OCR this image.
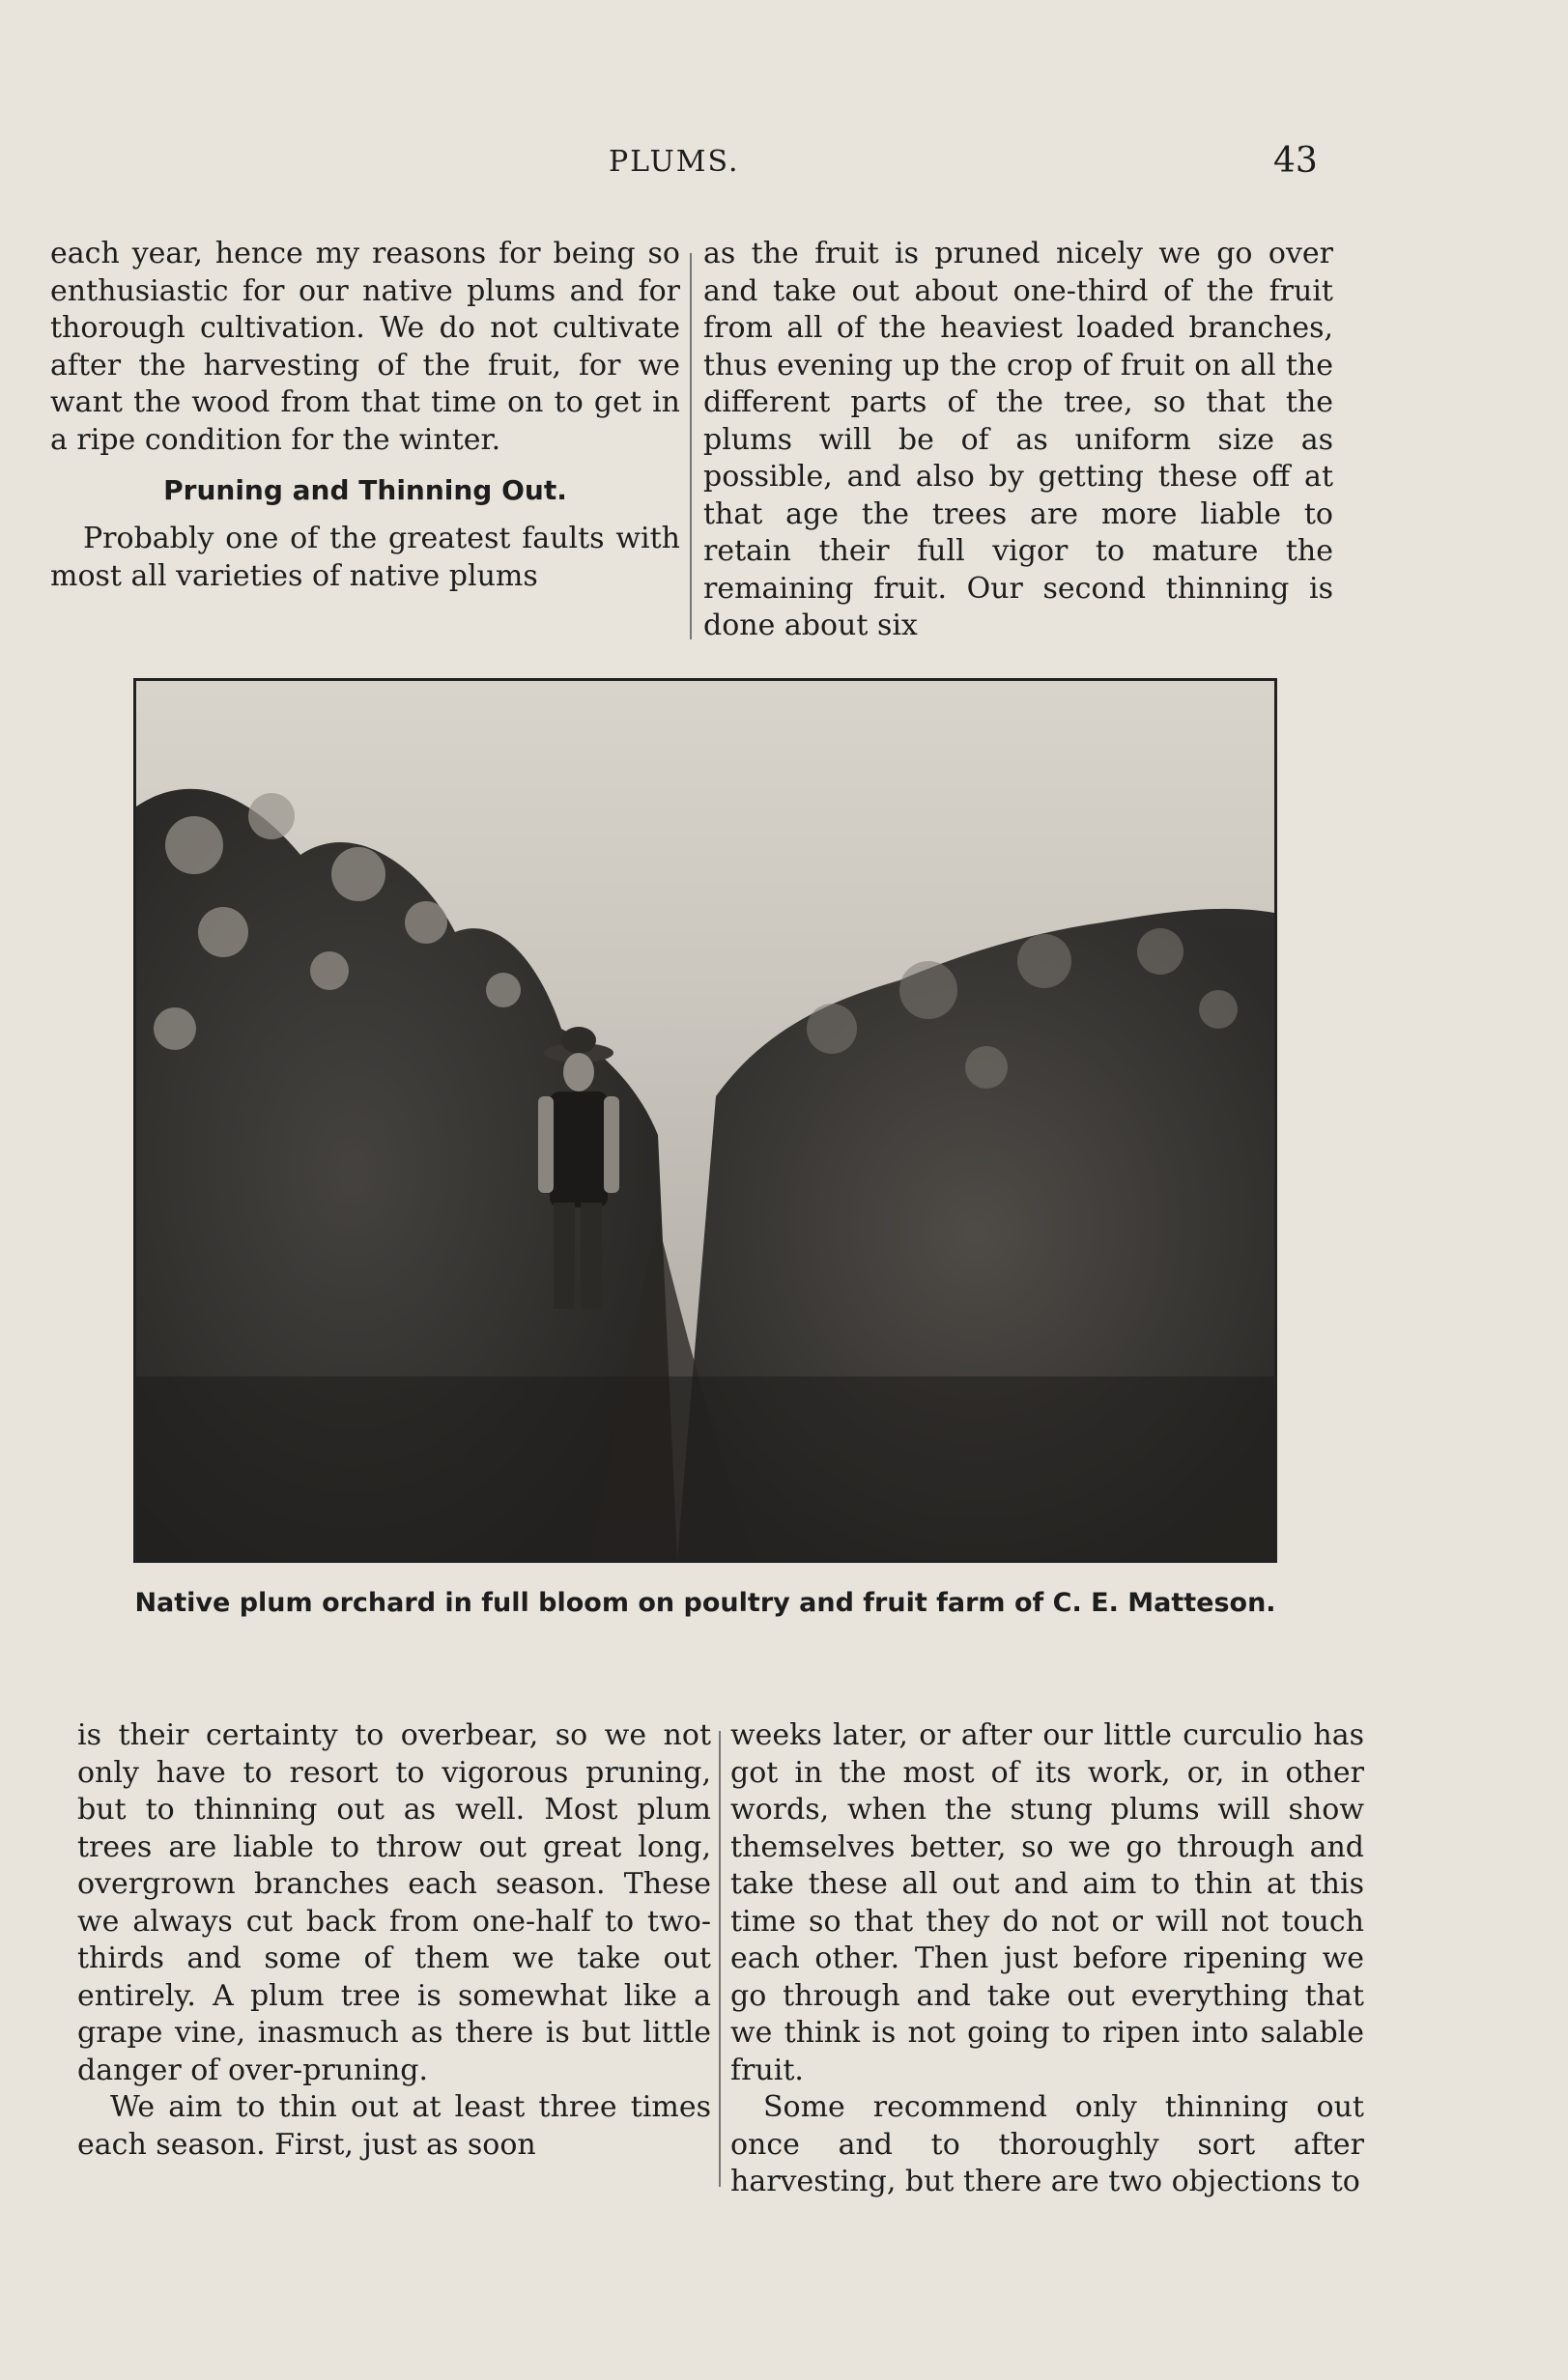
PLUMS.	43

each year, hence my reasons for being so enthusiastic for our native plums and for thorough cultivation. We do not cultivate after the harvesting of the fruit, for we want the wood from that time on to get in a ripe condition for the winter.

Pruning and Thinning Out.

Probably one of the greatest faults with most all varieties of native plums

as the fruit is pruned nicely we go over and take out about one-third of the fruit from all of the heaviest loaded branches, thus evening up the crop of fruit on all the different parts of the tree, so that the plums will be of as uniform size as possible, and also by getting these off at that age the trees are more liable to retain their full vigor to mature the remaining fruit. Our second thinning is done about six

Native plum orchard in full bloom on poultry and fruit farm of C. E. Matteson.

is their certainty to overbear, so we not only have to resort to vigorous pruning, but to thinning out as well. Most plum trees are liable to throw out great long, overgrown branches each season. These we always cut back from one-half to two-thirds and some of them we take out entirely. A plum tree is somewhat like a grape vine, inasmuch as there is but little danger of over-pruning.

We aim to thin out at least three times each season. First, just as soon

weeks later, or after our little curculio has got in the most of its work, or, in other words, when the stung plums will show themselves better, so we go through and take these all out and aim to thin at this time so that they do not or will not touch each other. Then just before ripening we go through and take out everything that we think is not going to ripen into salable fruit.

Some recommend only thinning out once and to thoroughly sort after harvesting, but there are two objections to
